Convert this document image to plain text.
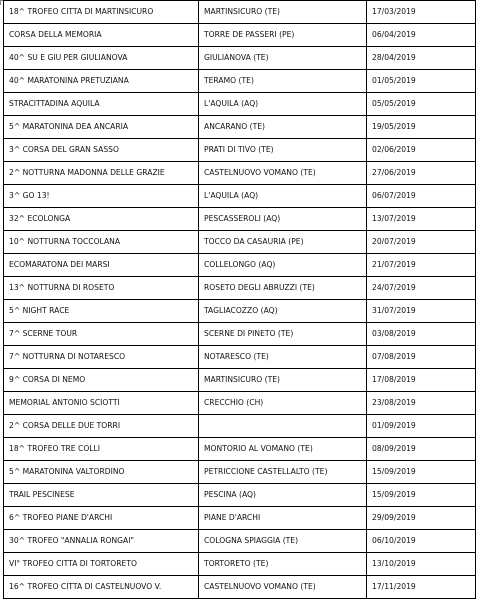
18^ TROFEO CITTA DI MARTINSICURO	MARTINSICURO (TE)	17/03/2019
CORSA DELLA MEMORIA	TORRE DE PASSERI (PE)	06/04/2019
40^ SU E GIU PER GIULIANOVA	GIULIANOVA (TE)	28/04/2019
40^ MARATONINA PRETUZIANA	TERAMO (TE)	01/05/2019
STRACITTADINA AQUILA	L'AQUILA (AQ)	05/05/2019
5^ MARATONINA DEA ANCARIA	ANCARANO (TE)	19/05/2019
3^ CORSA DEL GRAN SASSO	PRATI DI TIVO (TE)	02/06/2019
2^ NOTTURNA MADONNA DELLE GRAZIE	CASTELNUOVO VOMANO (TE)	27/06/2019
3^ GO 13!	L'AQUILA (AQ)	06/07/2019
32^ ECOLONGA	PESCASSEROLI (AQ)	13/07/2019
10^ NOTTURNA TOCCOLANA	TOCCO DA CASAURIA (PE)	20/07/2019
ECOMARATONA DEI MARSI	COLLELONGO (AQ)	21/07/2019
13^ NOTTURNA DI ROSETO	ROSETO DEGLI ABRUZZI (TE)	24/07/2019
5^ NIGHT RACE	TAGLIACOZZO (AQ)	31/07/2019
7^ SCERNE TOUR	SCERNE DI PINETO (TE)	03/08/2019
7^ NOTTURNA DI NOTARESCO	NOTARESCO (TE)	07/08/2019
9^ CORSA DI NEMO	MARTINSICURO (TE)	17/08/2019
MEMORIAL ANTONIO SCIOTTI	CRECCHIO (CH)	23/08/2019
2^ CORSA DELLE DUE TORRI		01/09/2019
18^ TROFEO TRE COLLI	MONTORIO AL VOMANO (TE)	08/09/2019
5^ MARATONINA VALTORDINO	PETRICCIONE CASTELLALTO (TE)	15/09/2019
TRAIL PESCINESE	PESCINA (AQ)	15/09/2019
6^ TROFEO PIANE D'ARCHI	PIANE D'ARCHI	29/09/2019
30^ TROFEO "ANNALIA RONGAI"	COLOGNA SPIAGGIA (TE)	06/10/2019
VI° TROFEO CITTA DI TORTORETO	TORTORETO (TE)	13/10/2019
16^ TROFEO CITTA DI CASTELNUOVO V.	CASTELNUOVO VOMANO (TE)	17/11/2019
